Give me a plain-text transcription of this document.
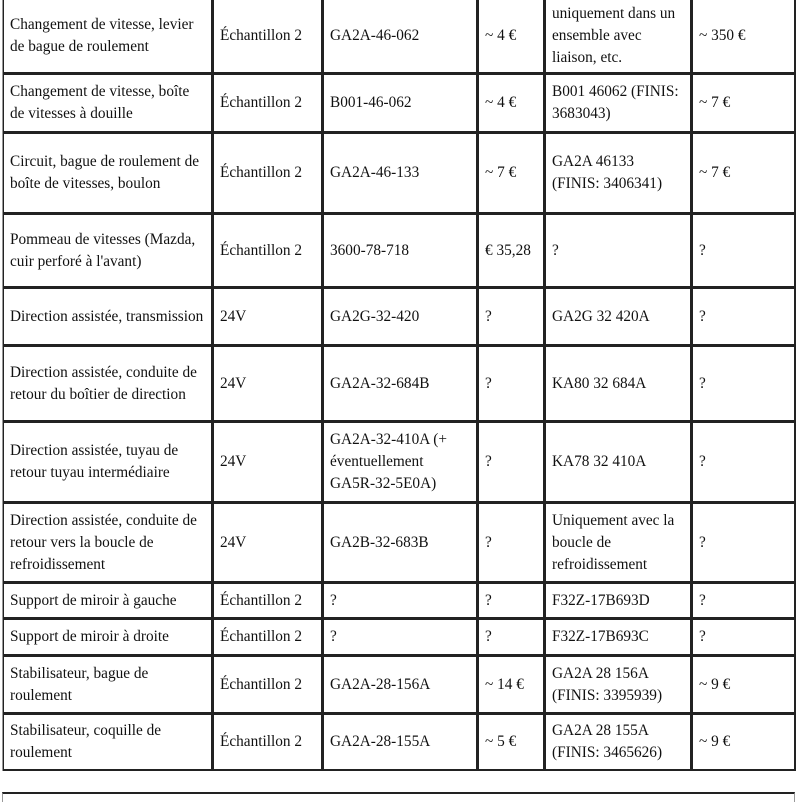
Changement de vitesse, levier de bague de roulement	Échantillon 2	GA2A-46-062	~ 4 €	uniquement dans un ensemble avec liaison, etc.	~ 350 €
Changement de vitesse, boîte de vitesses à douille	Échantillon 2	B001-46-062	~ 4 €	B001 46062 (FINIS: 3683043)	~ 7 €
Circuit, bague de roulement de boîte de vitesses, boulon	Échantillon 2	GA2A-46-133	~ 7 €	GA2A 46133 (FINIS: 3406341)	~ 7 €
Pommeau de vitesses (Mazda, cuir perforé à l'avant)	Échantillon 2	3600-78-718	€ 35,28	?	?
Direction assistée, transmission	24V	GA2G-32-420	?	GA2G 32 420A	?
Direction assistée, conduite de retour du boîtier de direction	24V	GA2A-32-684B	?	KA80 32 684A	?
Direction assistée, tuyau de retour tuyau intermédiaire	24V	GA2A-32-410A (+ éventuellement GA5R-32-5E0A)	?	KA78 32 410A	?
Direction assistée, conduite de retour vers la boucle de refroidissement	24V	GA2B-32-683B	?	Uniquement avec la boucle de refroidissement	?
Support de miroir à gauche	Échantillon 2	?	?	F32Z-17B693D	?
Support de miroir à droite	Échantillon 2	?	?	F32Z-17B693C	?
Stabilisateur, bague de roulement	Échantillon 2	GA2A-28-156A	~ 14 €	GA2A 28 156A (FINIS: 3395939)	~ 9 €
Stabilisateur, coquille de roulement	Échantillon 2	GA2A-28-155A	~ 5 €	GA2A 28 155A (FINIS: 3465626)	~ 9 €
